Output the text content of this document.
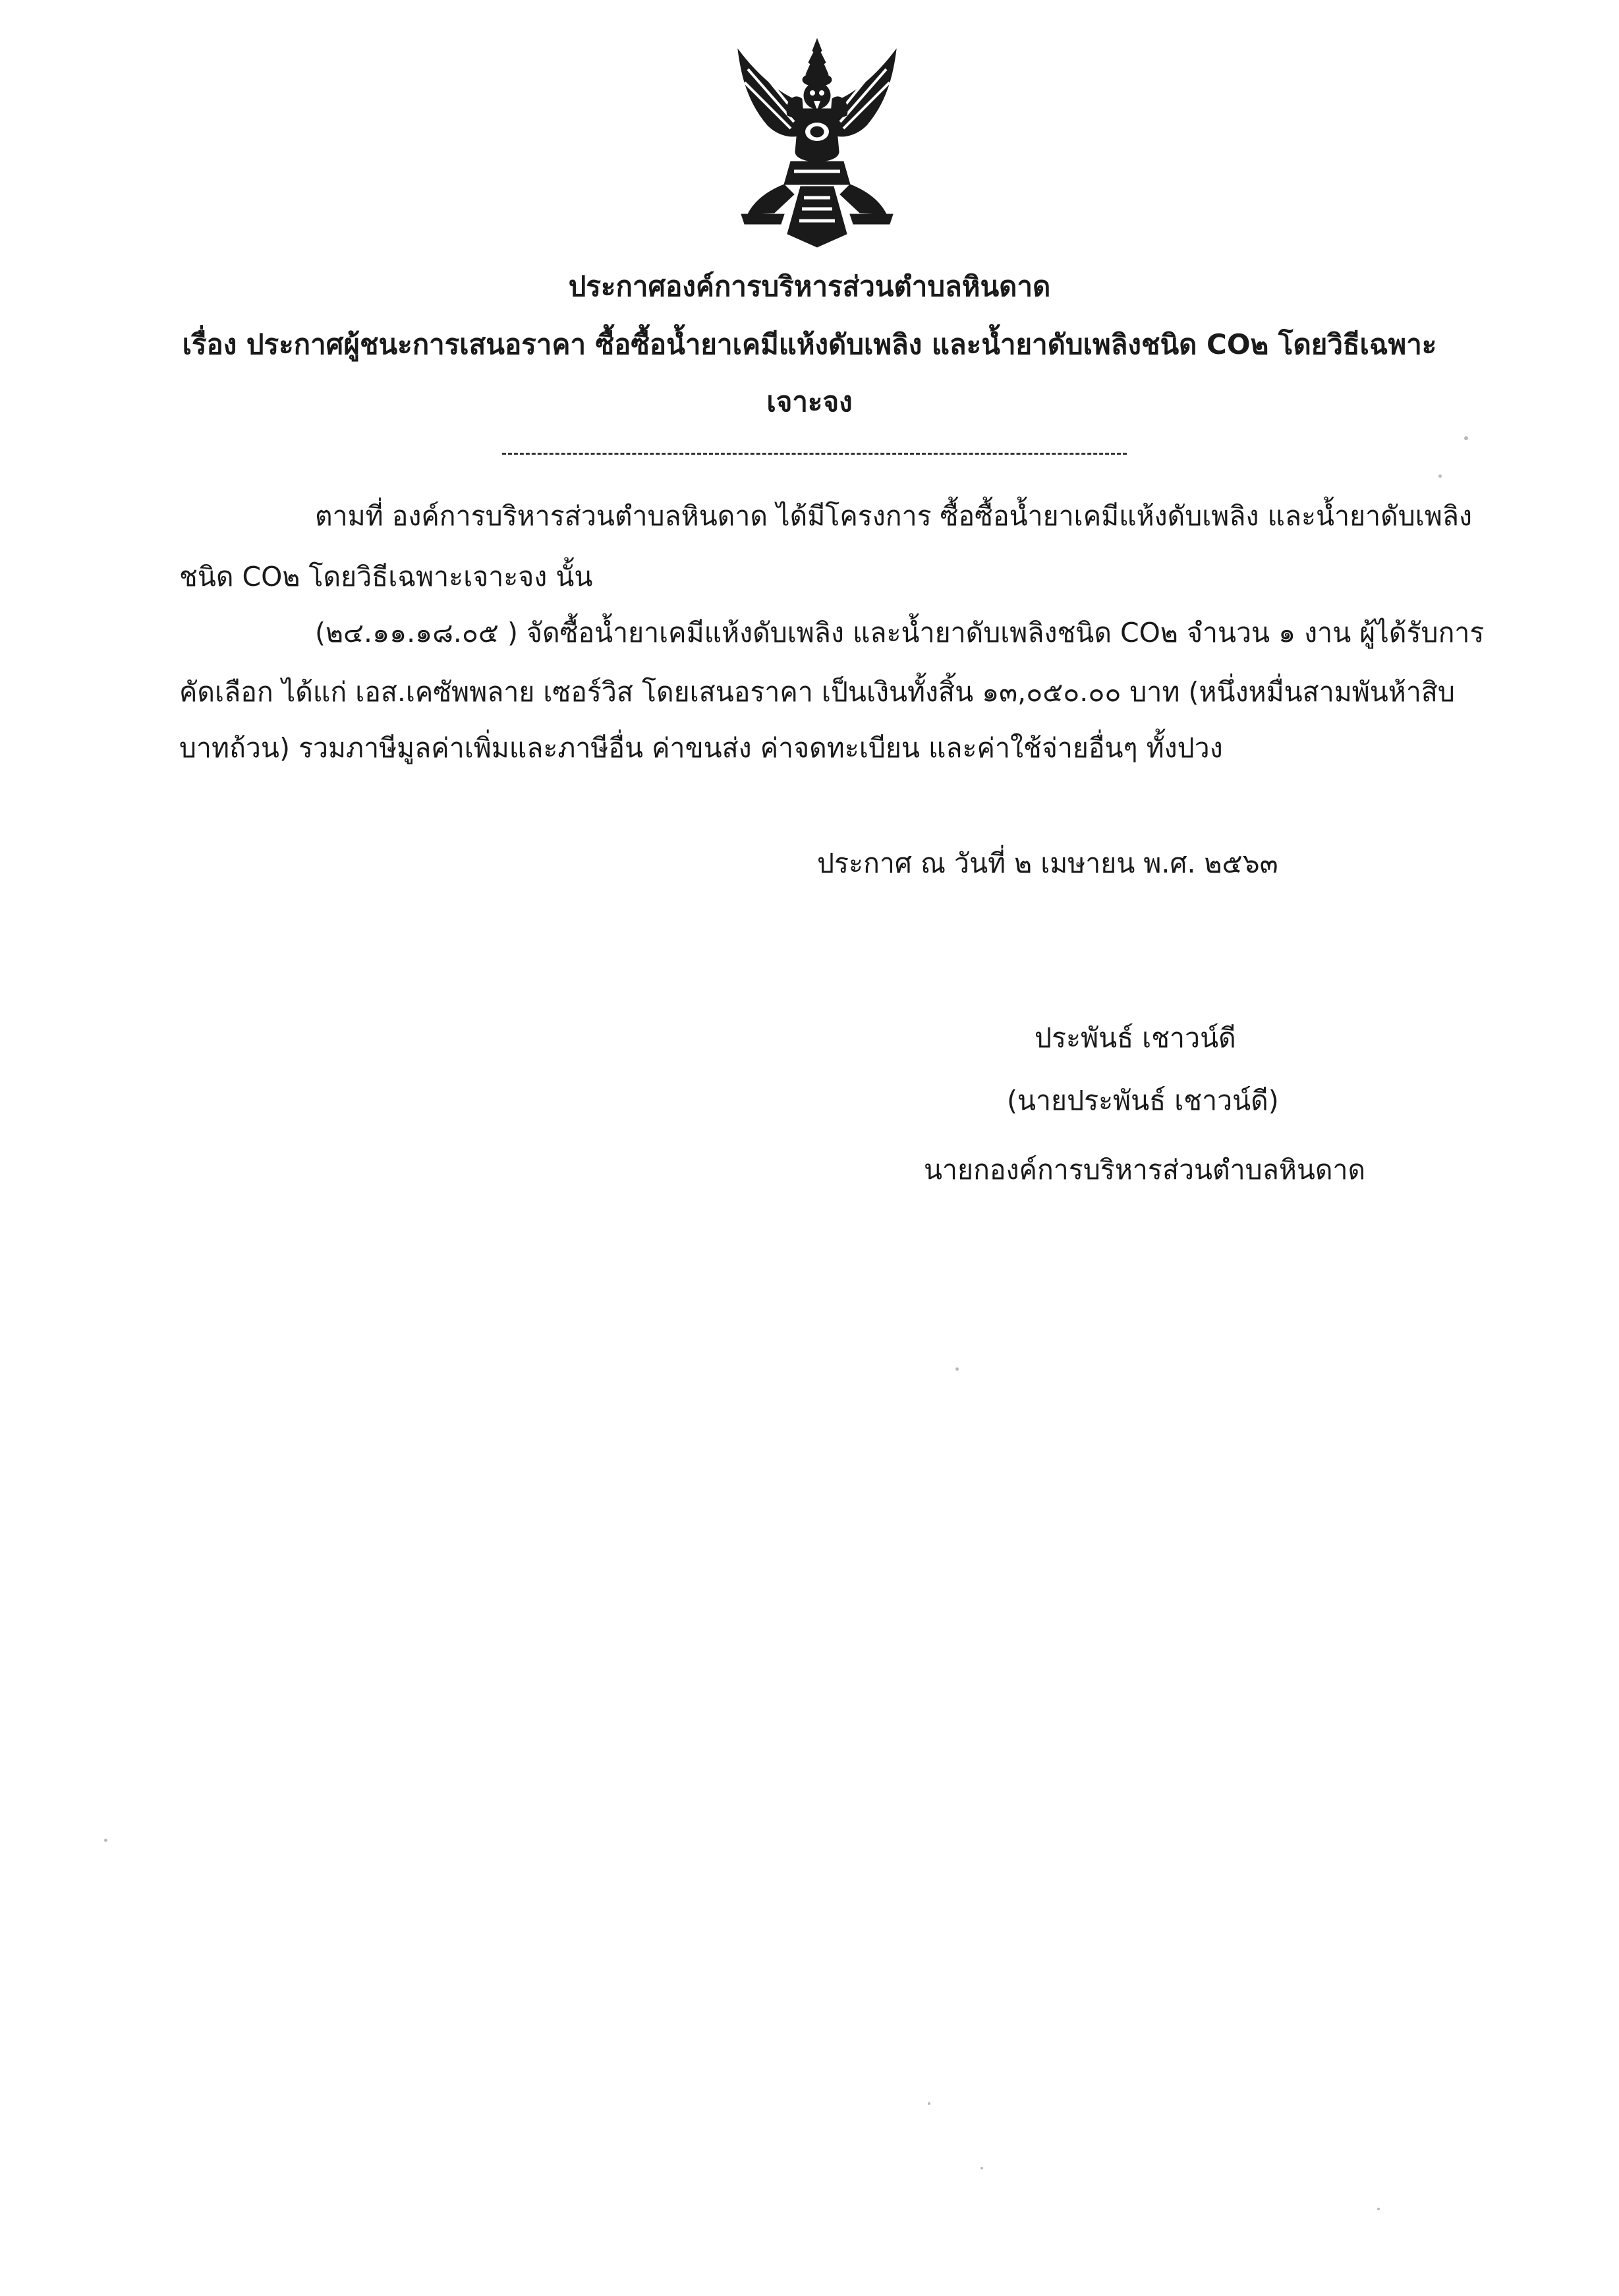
ประกาศองค์การบริหารส่วนตำบลหินดาด
เรื่อง ประกาศผู้ชนะการเสนอราคา ซื้อซื้อน้ำยาเคมีแห้งดับเพลิง และน้ำยาดับเพลิงชนิด CO๒ โดยวิธีเฉพาะ
เจาะจง
ตามที่ องค์การบริหารส่วนตำบลหินดาด ได้มีโครงการ ซื้อซื้อน้ำยาเคมีแห้งดับเพลิง และน้ำยาดับเพลิง
ชนิด CO๒ โดยวิธีเฉพาะเจาะจง นั้น
(๒๔.๑๑.๑๘.๐๕ ) จัดซื้อน้ำยาเคมีแห้งดับเพลิง และน้ำยาดับเพลิงชนิด CO๒ จำนวน ๑ งาน ผู้ได้รับการ
คัดเลือก ได้แก่ เอส.เคซัพพลาย เซอร์วิส โดยเสนอราคา เป็นเงินทั้งสิ้น ๑๓,๐๕๐.๐๐ บาท (หนึ่งหมื่นสามพันห้าสิบ
บาทถ้วน) รวมภาษีมูลค่าเพิ่มและภาษีอื่น ค่าขนส่ง ค่าจดทะเบียน และค่าใช้จ่ายอื่นๆ ทั้งปวง
ประกาศ ณ วันที่ ๒ เมษายน พ.ศ. ๒๕๖๓
ประพันธ์ เชาวน์ดี
(นายประพันธ์ เชาวน์ดี)
นายกองค์การบริหารส่วนตำบลหินดาด
